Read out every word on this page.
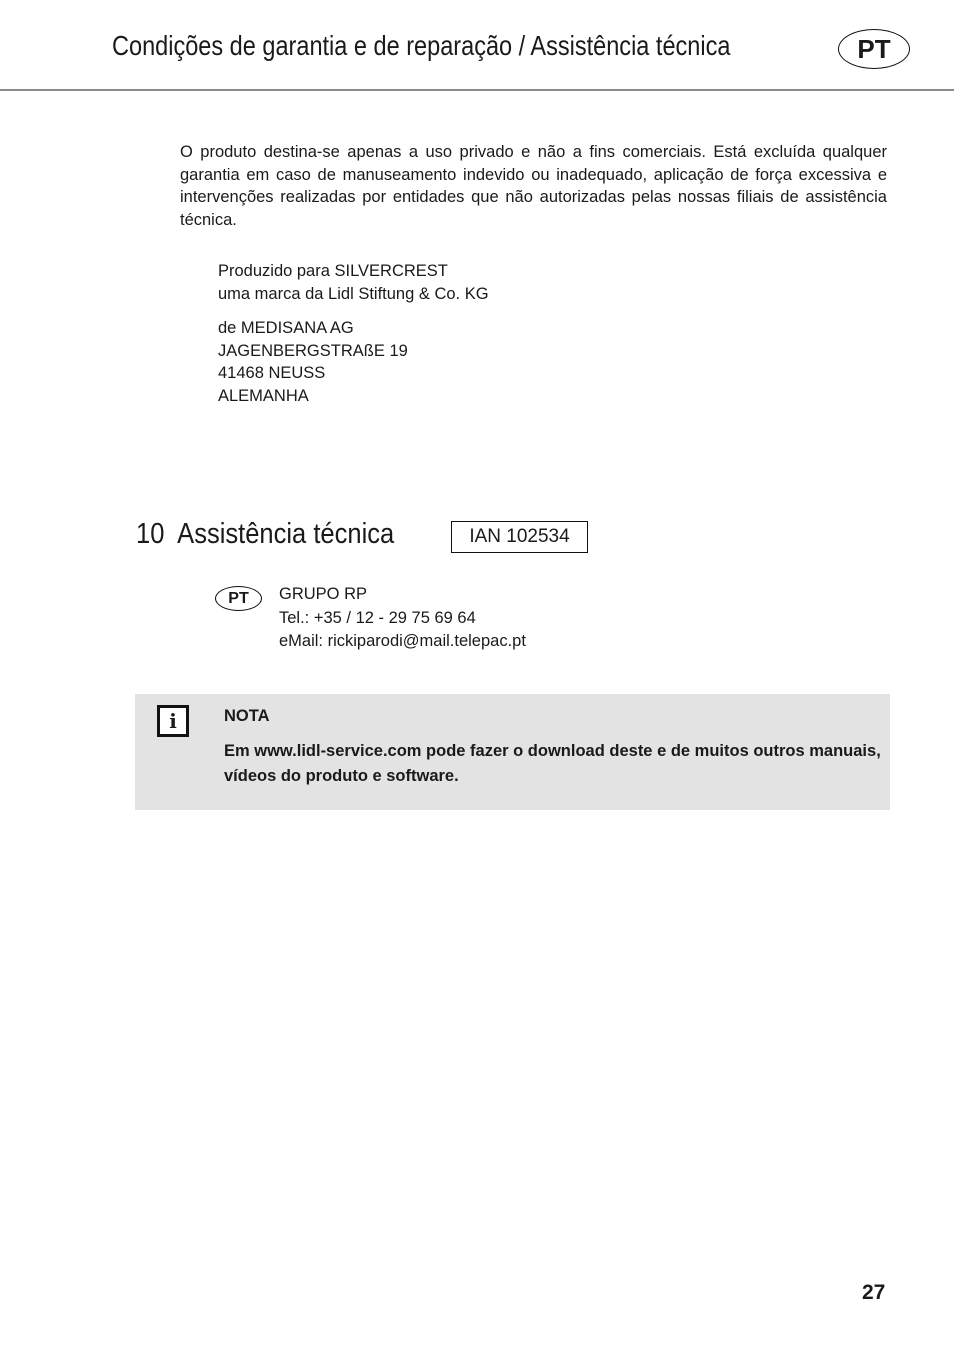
Condições de garantia e de reparação / Assistência técnica	PT
O produto destina-se apenas a uso privado e não a fins comerciais. Está excluída qualquer garantia em caso de manuseamento indevido ou inadequado, aplicação de força excessiva e intervenções realizadas por entidades que não autorizadas pelas nossas filiais de assistência técnica.
Produzido para SILVERCREST
uma marca da Lidl Stiftung & Co. KG
de MEDISANA AG
JAGENBERGSTRAßE 19
41468 NEUSS
ALEMANHA
10 Assistência técnica	IAN 102534
PT	GRUPO RP
Tel.: +35 / 12 - 29 75 69 64
eMail: rickiparodi@mail.telepac.pt
i	NOTA
Em www.lidl-service.com pode fazer o download deste e de muitos outros manuais, vídeos do produto e software.
27
